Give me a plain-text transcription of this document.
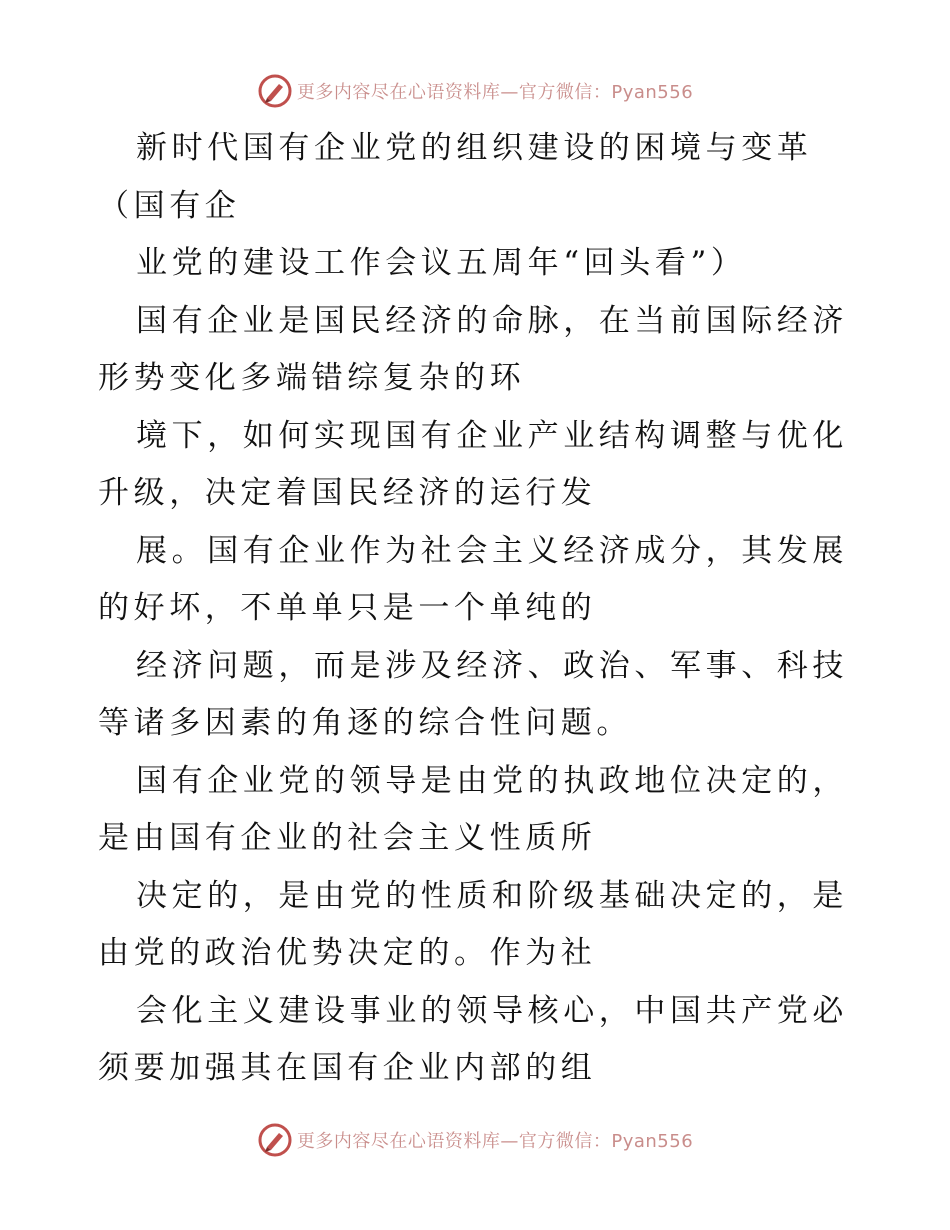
更多内容尽在心语资料库—官方微信：Pyan556

新时代国有企业党的组织建设的困境与变革（国有企

业党的建设工作会议五周年“回头看”）

国有企业是国民经济的命脉，在当前国际经济形势变化多端错综复杂的环

境下，如何实现国有企业产业结构调整与优化升级，决定着国民经济的运行发

展。国有企业作为社会主义经济成分，其发展的好坏，不单单只是一个单纯的

经济问题，而是涉及经济、政治、军事、科技等诸多因素的角逐的综合性问题。

国有企业党的领导是由党的执政地位决定的，是由国有企业的社会主义性质所

决定的，是由党的性质和阶级基础决定的，是由党的政治优势决定的。作为社

会化主义建设事业的领导核心，中国共产党必须要加强其在国有企业内部的组

更多内容尽在心语资料库—官方微信：Pyan556
